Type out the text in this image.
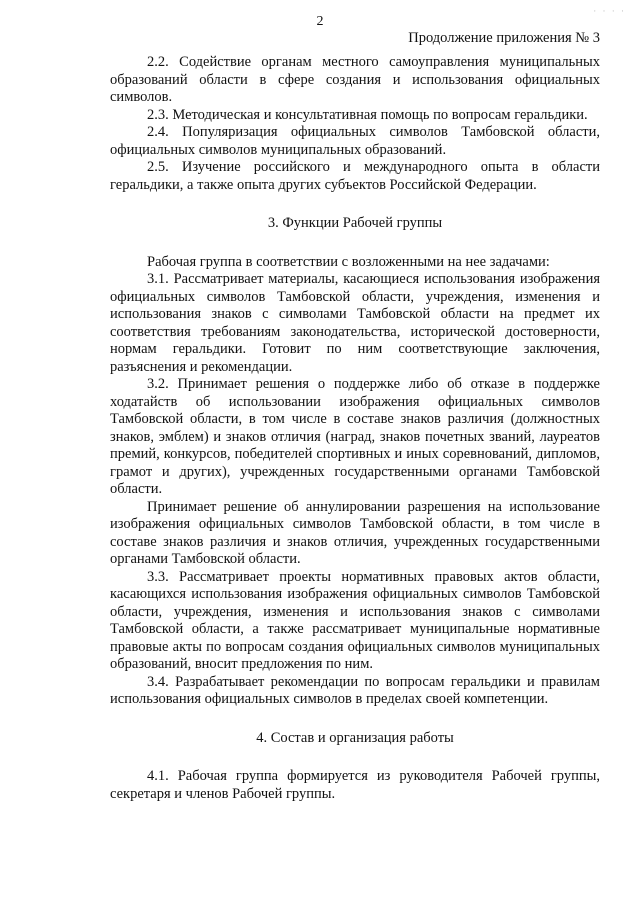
· · · ·
2
Продолжение приложения № 3

2.2. Содействие органам местного самоуправления муниципальных образований области в сфере создания и использования официальных символов.

2.3. Методическая и консультативная помощь по вопросам геральдики.

2.4. Популяризация официальных символов Тамбовской области, официальных символов муниципальных образований.

2.5. Изучение российского и международного опыта в области геральдики, а также опыта других субъектов Российской Федерации.

3. Функции Рабочей группы

Рабочая группа в соответствии с возложенными на нее задачами:

3.1. Рассматривает материалы, касающиеся использования изображения официальных символов Тамбовской области, учреждения, изменения и использования знаков с символами Тамбовской области на предмет их соответствия требованиям законодательства, исторической достоверности, нормам геральдики. Готовит по ним соответствующие заключения, разъяснения и рекомендации.

3.2. Принимает решения о поддержке либо об отказе в поддержке ходатайств об использовании изображения официальных символов Тамбовской области, в том числе в составе знаков различия (должностных знаков, эмблем) и знаков отличия (наград, знаков почетных званий, лауреатов премий, конкурсов, победителей спортивных и иных соревнований, дипломов, грамот и других), учрежденных государственными органами Тамбовской области.

Принимает решение об аннулировании разрешения на использование изображения официальных символов Тамбовской области, в том числе в составе знаков различия и знаков отличия, учрежденных государственными органами Тамбовской области.

3.3. Рассматривает проекты нормативных правовых актов области, касающихся использования изображения официальных символов Тамбовской области, учреждения, изменения и использования знаков с символами Тамбовской области, а также рассматривает муниципальные нормативные правовые акты по вопросам создания официальных символов муниципальных образований, вносит предложения по ним.

3.4. Разрабатывает рекомендации по вопросам геральдики и правилам использования официальных символов в пределах своей компетенции.

4. Состав и организация работы

4.1. Рабочая группа формируется из руководителя Рабочей группы, секретаря и членов Рабочей группы.
